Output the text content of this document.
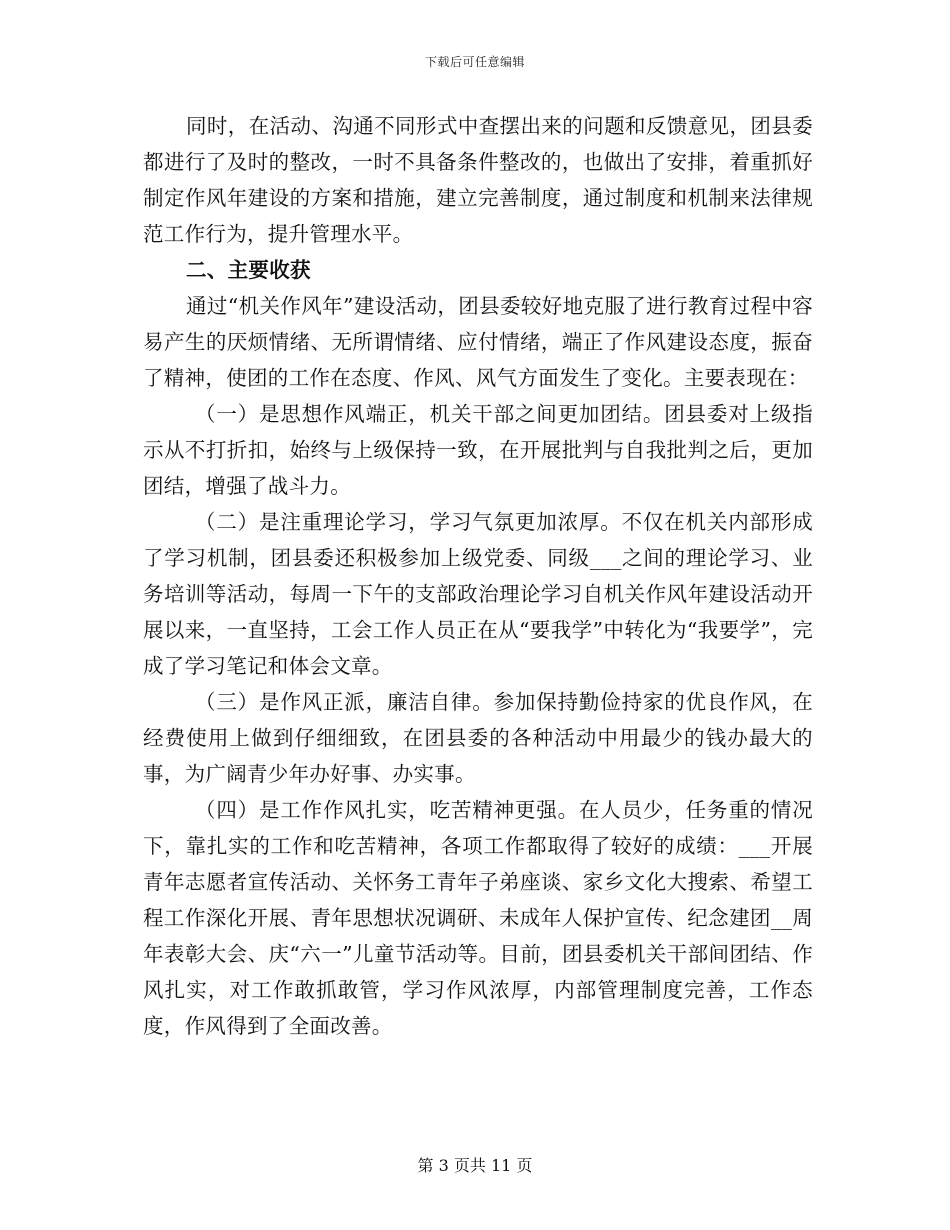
下载后可任意编辑

同时，在活动、沟通不同形式中查摆出来的问题和反馈意见，团县委都进行了及时的整改，一时不具备条件整改的，也做出了安排，着重抓好制定作风年建设的方案和措施，建立完善制度，通过制度和机制来法律规范工作行为，提升管理水平。

二、主要收获

通过“机关作风年”建设活动，团县委较好地克服了进行教育过程中容易产生的厌烦情绪、无所谓情绪、应付情绪，端正了作风建设态度，振奋了精神，使团的工作在态度、作风、风气方面发生了变化。主要表现在：

（一）是思想作风端正，机关干部之间更加团结。团县委对上级指示从不打折扣，始终与上级保持一致，在开展批判与自我批判之后，更加团结，增强了战斗力。

（二）是注重理论学习，学习气氛更加浓厚。不仅在机关内部形成了学习机制，团县委还积极参加上级党委、同级___之间的理论学习、业务培训等活动，每周一下午的支部政治理论学习自机关作风年建设活动开展以来，一直坚持，工会工作人员正在从“要我学”中转化为“我要学”，完成了学习笔记和体会文章。

（三）是作风正派，廉洁自律。参加保持勤俭持家的优良作风，在经费使用上做到仔细细致，在团县委的各种活动中用最少的钱办最大的事，为广阔青少年办好事、办实事。

（四）是工作作风扎实，吃苦精神更强。在人员少，任务重的情况下，靠扎实的工作和吃苦精神，各项工作都取得了较好的成绩：___开展青年志愿者宣传活动、关怀务工青年子弟座谈、家乡文化大搜索、希望工程工作深化开展、青年思想状况调研、未成年人保护宣传、纪念建团__周年表彰大会、庆“六一”儿童节活动等。目前，团县委机关干部间团结、作风扎实，对工作敢抓敢管，学习作风浓厚，内部管理制度完善，工作态度，作风得到了全面改善。

第 3 页共 11 页
